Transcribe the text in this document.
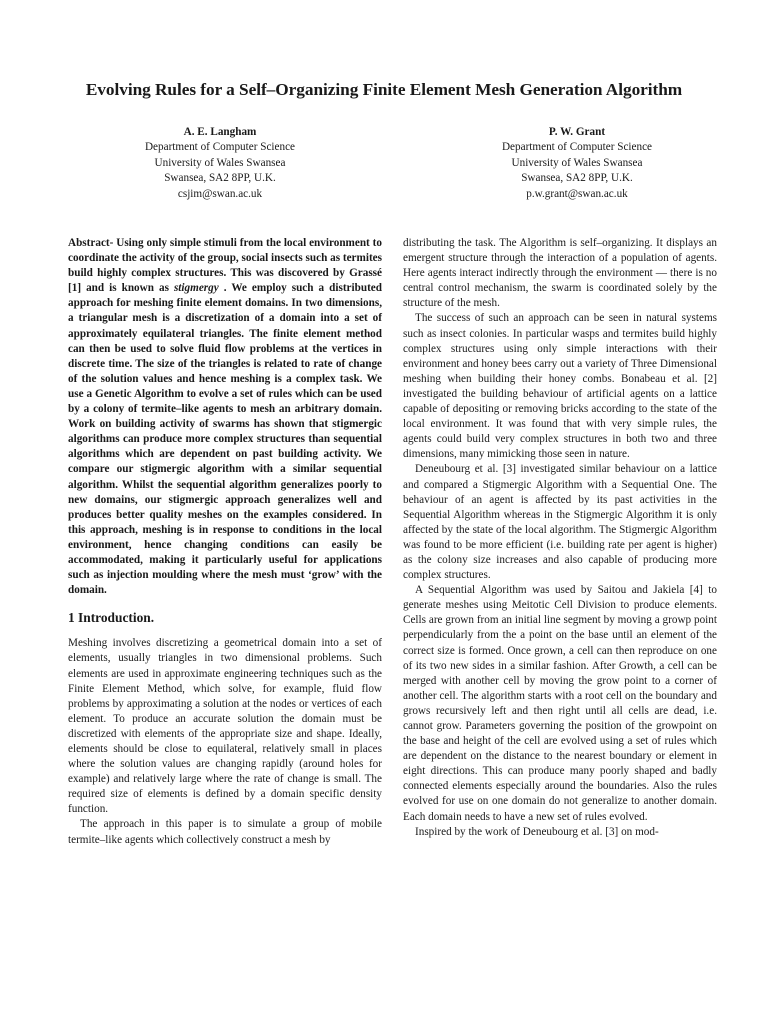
Evolving Rules for a Self–Organizing Finite Element Mesh Generation Algorithm
A. E. Langham
Department of Computer Science
University of Wales Swansea
Swansea, SA2 8PP, U.K.
csjim@swan.ac.uk
P. W. Grant
Department of Computer Science
University of Wales Swansea
Swansea, SA2 8PP, U.K.
p.w.grant@swan.ac.uk

Abstract- Using only simple stimuli from the local environment to coordinate the activity of the group, social insects such as termites build highly complex structures. This was discovered by Grassé [1] and is known as stigmergy . We employ such a distributed approach for meshing finite element domains. In two dimensions, a triangular mesh is a discretization of a domain into a set of approximately equilateral triangles. The finite element method can then be used to solve fluid flow problems at the vertices in discrete time. The size of the triangles is related to rate of change of the solution values and hence meshing is a complex task. We use a Genetic Algorithm to evolve a set of rules which can be used by a colony of termite–like agents to mesh an arbitrary domain. Work on building activity of swarms has shown that stigmergic algorithms can produce more complex structures than sequential algorithms which are dependent on past building activity. We compare our stigmergic algorithm with a similar sequential algorithm. Whilst the sequential algorithm generalizes poorly to new domains, our stigmergic approach generalizes well and produces better quality meshes on the examples considered. In this approach, meshing is in response to conditions in the local environment, hence changing conditions can easily be accommodated, making it particularly useful for applications such as injection moulding where the mesh must ‘grow’ with the domain.

1 Introduction.

Meshing involves discretizing a geometrical domain into a set of elements, usually triangles in two dimensional problems. Such elements are used in approximate engineering techniques such as the Finite Element Method, which solve, for example, fluid flow problems by approximating a solution at the nodes or vertices of each element. To produce an accurate solution the domain must be discretized with elements of the appropriate size and shape. Ideally, elements should be close to equilateral, relatively small in places where the solution values are changing rapidly (around holes for example) and relatively large where the rate of change is small. The required size of elements is defined by a domain specific density function.

The approach in this paper is to simulate a group of mobile termite–like agents which collectively construct a mesh by

distributing the task. The Algorithm is self–organizing. It displays an emergent structure through the interaction of a population of agents. Here agents interact indirectly through the environment — there is no central control mechanism, the swarm is coordinated solely by the structure of the mesh.

The success of such an approach can be seen in natural systems such as insect colonies. In particular wasps and termites build highly complex structures using only simple interactions with their environment and honey bees carry out a variety of Three Dimensional meshing when building their honey combs. Bonabeau et al. [2] investigated the building behaviour of artificial agents on a lattice capable of depositing or removing bricks according to the state of the local environment. It was found that with very simple rules, the agents could build very complex structures in both two and three dimensions, many mimicking those seen in nature.

Deneubourg et al. [3] investigated similar behaviour on a lattice and compared a Stigmergic Algorithm with a Sequential One. The behaviour of an agent is affected by its past activities in the Sequential Algorithm whereas in the Stigmergic Algorithm it is only affected by the state of the local algorithm. The Stigmergic Algorithm was found to be more efficient (i.e. building rate per agent is higher) as the colony size increases and also capable of producing more complex structures.

A Sequential Algorithm was used by Saitou and Jakiela [4] to generate meshes using Meitotic Cell Division to produce elements. Cells are grown from an initial line segment by moving a growp point perpendicularly from the a point on the base until an element of the correct size is formed. Once grown, a cell can then reproduce on one of its two new sides in a similar fashion. After Growth, a cell can be merged with another cell by moving the grow point to a corner of another cell. The algorithm starts with a root cell on the boundary and grows recursively left and then right until all cells are dead, i.e. cannot grow. Parameters governing the position of the growpoint on the base and height of the cell are evolved using a set of rules which are dependent on the distance to the nearest boundary or element in eight directions. This can produce many poorly shaped and badly connected elements especially around the boundaries. Also the rules evolved for use on one domain do not generalize to another domain. Each domain needs to have a new set of rules evolved.

Inspired by the work of Deneubourg et al. [3] on mod-
